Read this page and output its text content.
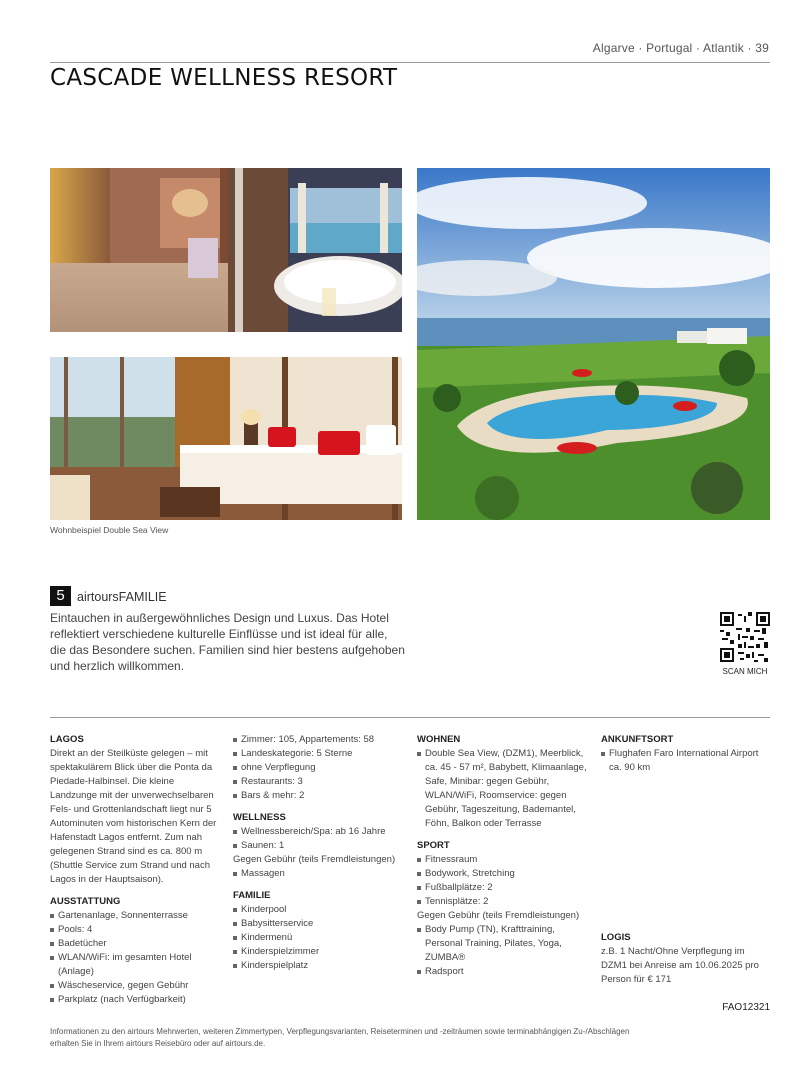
Algarve · Portugal · Atlantik · 39
CASCADE WELLNESS RESORT
Wohnbeispiel Double Sea View
5 airtoursFAMILIE
Eintauchen in außergewöhnliches Design und Luxus. Das Hotel reflektiert verschiedene kulturelle Einflüsse und ist ideal für alle, die das Besondere suchen. Familien sind hier bestens aufgehoben und herzlich willkommen.	SCAN MICH
LAGOS
Direkt an der Steilküste gelegen – mit spektakulärem Blick über die Ponta da Piedade-Halbinsel. Die kleine Landzunge mit der unverwechselbaren Fels- und Grottenlandschaft liegt nur 5 Autominuten vom historischen Kern der Hafenstadt Lagos entfernt. Zum nah gelegenen Strand sind es ca. 800 m (Shuttle Service zum Strand und nach Lagos in der Hauptsaison).
AUSSTATTUNG
Gartenanlage, Sonnenterrasse
Pools: 4
Badetücher
WLAN/WiFi: im gesamten Hotel (Anlage)
Wäscheservice, gegen Gebühr
Parkplatz (nach Verfügbarkeit)
Zimmer: 105, Appartements: 58
Landeskategorie: 5 Sterne
ohne Verpflegung
Restaurants: 3
Bars & mehr: 2
WELLNESS
Wellnessbereich/Spa: ab 16 Jahre
Saunen: 1
Gegen Gebühr (teils Fremdleistungen)
Massagen
FAMILIE
Kinderpool
Babysitterservice
Kindermenü
Kinderspielzimmer
Kinderspielplatz
WOHNEN
Double Sea View, (DZM1), Meerblick, ca. 45 - 57 m², Babybett, Klimaanlage, Safe, Minibar: gegen Gebühr, WLAN/WiFi, Roomservice: gegen Gebühr, Tageszeitung, Bademantel, Föhn, Balkon oder Terrasse
SPORT
Fitnessraum
Bodywork, Stretching
Fußballplätze: 2
Tennisplätze: 2
Gegen Gebühr (teils Fremdleistungen)
Body Pump (TN), Krafttraining, Personal Training, Pilates, Yoga, ZUMBA®
Radsport
ANKUNFTSORT
Flughafen Faro International Airport ca. 90 km
LOGIS
z.B. 1 Nacht/Ohne Verpflegung im DZM1 bei Anreise am 10.06.2025 pro Person für € 171
FAO12321
Informationen zu den airtours Mehrwerten, weiteren Zimmertypen, Verpflegungsvarianten, Reiseterminen und -zeiträumen sowie terminabhängigen Zu-/Abschlägen erhalten Sie in Ihrem airtours Reisebüro oder auf airtours.de.
